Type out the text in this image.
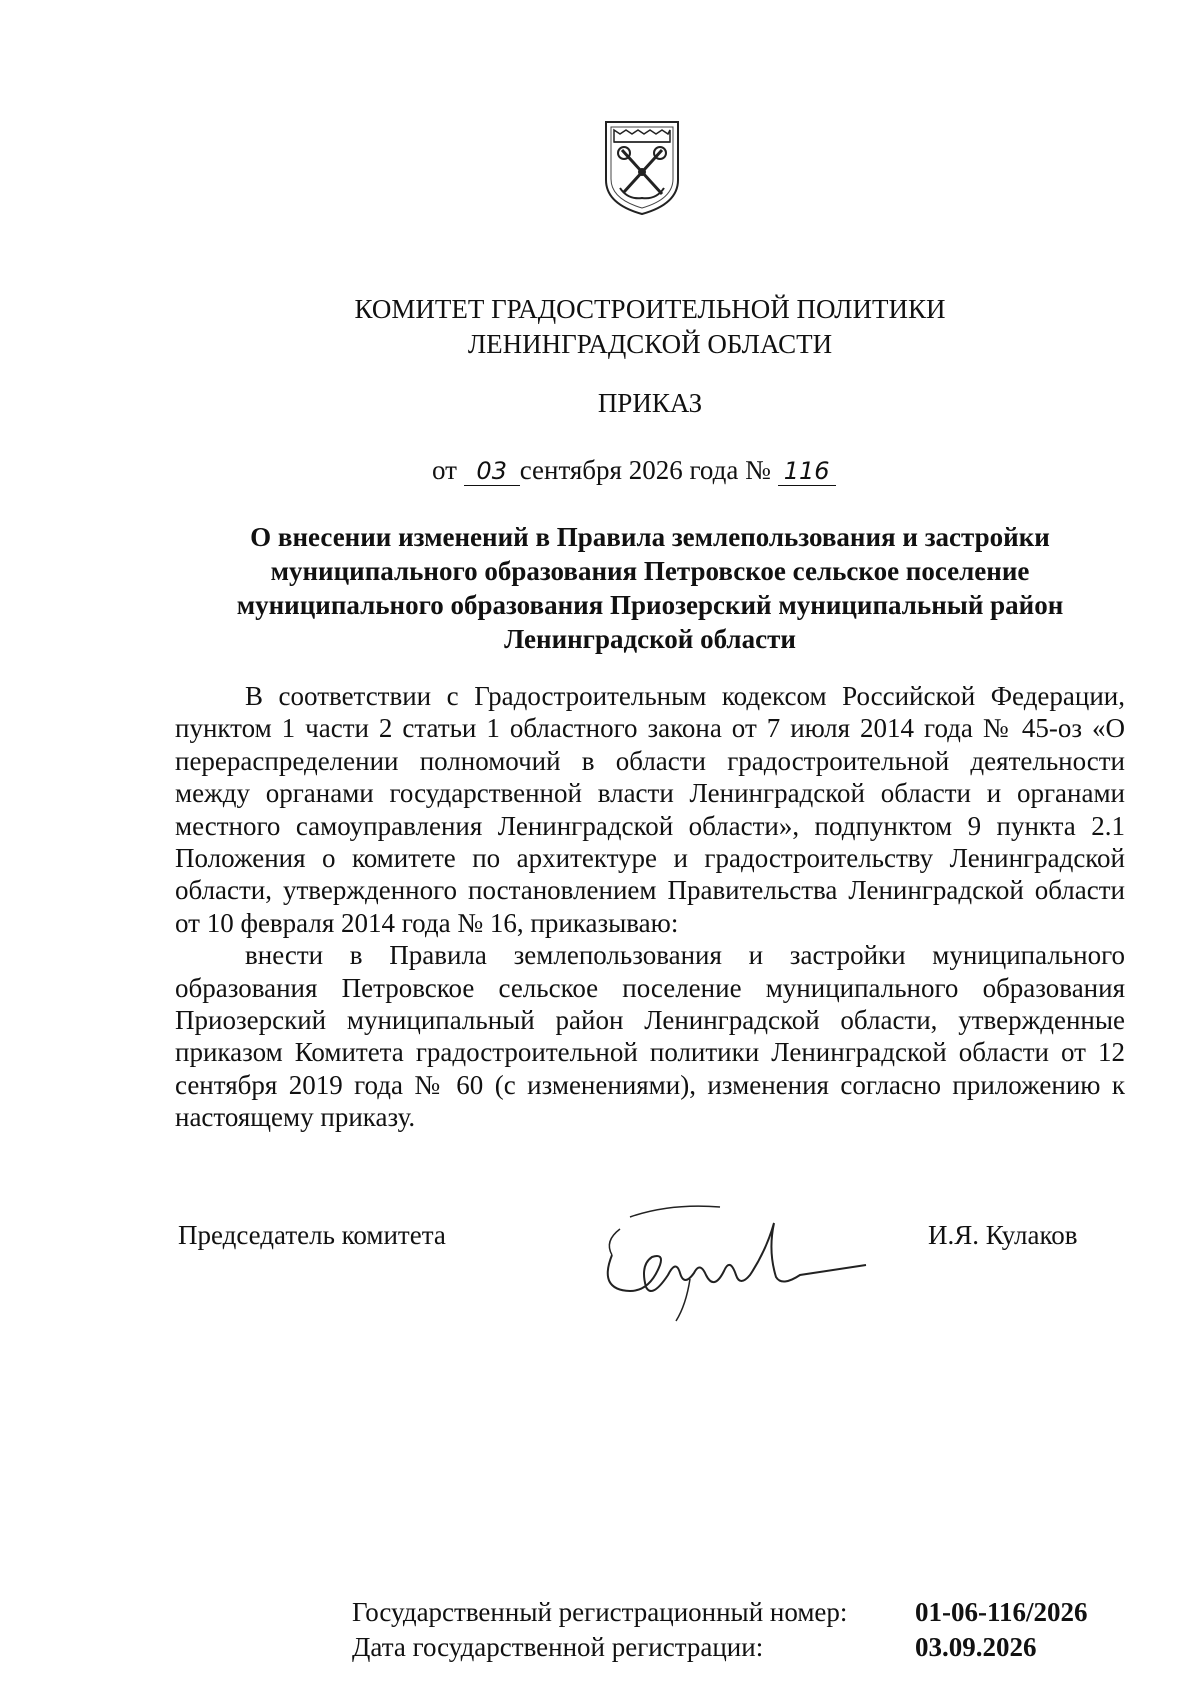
КОМИТЕТ ГРАДОСТРОИТЕЛЬНОЙ ПОЛИТИКИ
ЛЕНИНГРАДСКОЙ ОБЛАСТИ
ПРИКАЗ
от 03 сентября 2026 года № 116
О внесении изменений в Правила землепользования и застройки
муниципального образования Петровское сельское поселение
муниципального образования Приозерский муниципальный район
Ленинградской области

В соответствии с Градостроительным кодексом Российской Федерации, пунктом 1 части 2 статьи 1 областного закона от 7 июля 2014 года № 45-оз «О перераспределении полномочий в области градостроительной деятельности между органами государственной власти Ленинградской области и органами местного самоуправления Ленинградской области», подпунктом 9 пункта 2.1 Положения о комитете по архитектуре и градостроительству Ленинградской области, утвержденного постановлением Правительства Ленинградской области от 10 февраля 2014 года № 16, приказываю:

внести в Правила землепользования и застройки муниципального образования Петровское сельское поселение муниципального образования Приозерский муниципальный район Ленинградской области, утвержденные приказом Комитета градостроительной политики Ленинградской области от 12 сентября 2019 года № 60 (с изменениями), изменения согласно приложению к настоящему приказу.

Председатель комитета	И.Я. Кулаков
Государственный регистрационный номер:	01-06-116/2026
Дата государственной регистрации:	03.09.2026
